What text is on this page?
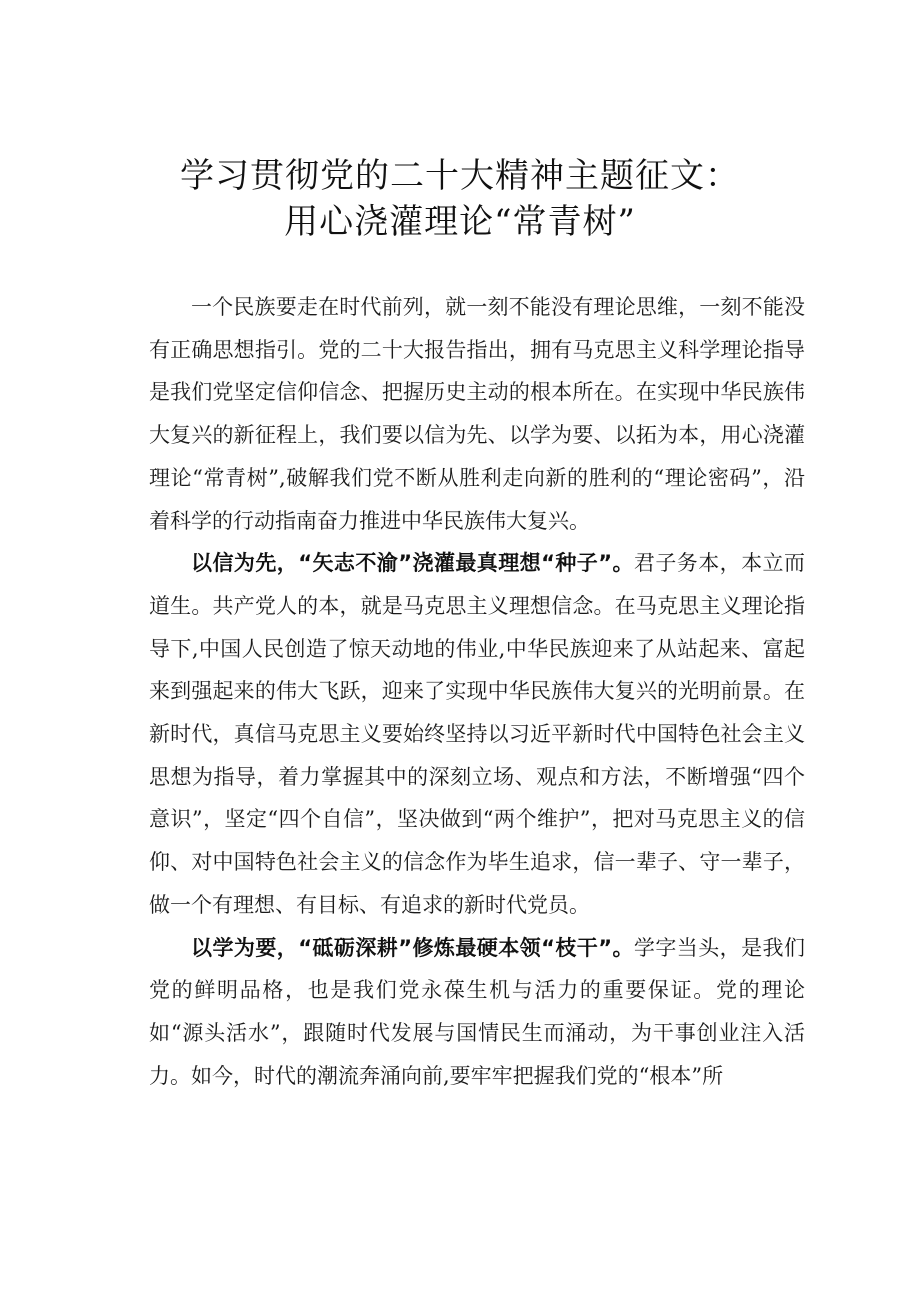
学习贯彻党的二十大精神主题征文：
用心浇灌理论“常青树”

一个民族要走在时代前列，就一刻不能没有理论思维，一刻不能没有正确思想指引。党的二十大报告指出，拥有马克思主义科学理论指导是我们党坚定信仰信念、把握历史主动的根本所在。在实现中华民族伟大复兴的新征程上，我们要以信为先、以学为要、以拓为本，用心浇灌理论“常青树”,破解我们党不断从胜利走向新的胜利的“理论密码”，沿着科学的行动指南奋力推进中华民族伟大复兴。

以信为先，“矢志不渝”浇灌最真理想“种子”。君子务本，本立而道生。共产党人的本，就是马克思主义理想信念。在马克思主义理论指导下,中国人民创造了惊天动地的伟业,中华民族迎来了从站起来、富起来到强起来的伟大飞跃，迎来了实现中华民族伟大复兴的光明前景。在新时代，真信马克思主义要始终坚持以习近平新时代中国特色社会主义思想为指导，着力掌握其中的深刻立场、观点和方法，不断增强“四个意识”，坚定“四个自信”，坚决做到“两个维护”，把对马克思主义的信仰、对中国特色社会主义的信念作为毕生追求，信一辈子、守一辈子，做一个有理想、有目标、有追求的新时代党员。

以学为要，“砥砺深耕”修炼最硬本领“枝干”。学字当头，是我们党的鲜明品格，也是我们党永葆生机与活力的重要保证。党的理论如“源头活水”，跟随时代发展与国情民生而涌动，为干事创业注入活力。如今，时代的潮流奔涌向前,要牢牢把握我们党的“根本”所
